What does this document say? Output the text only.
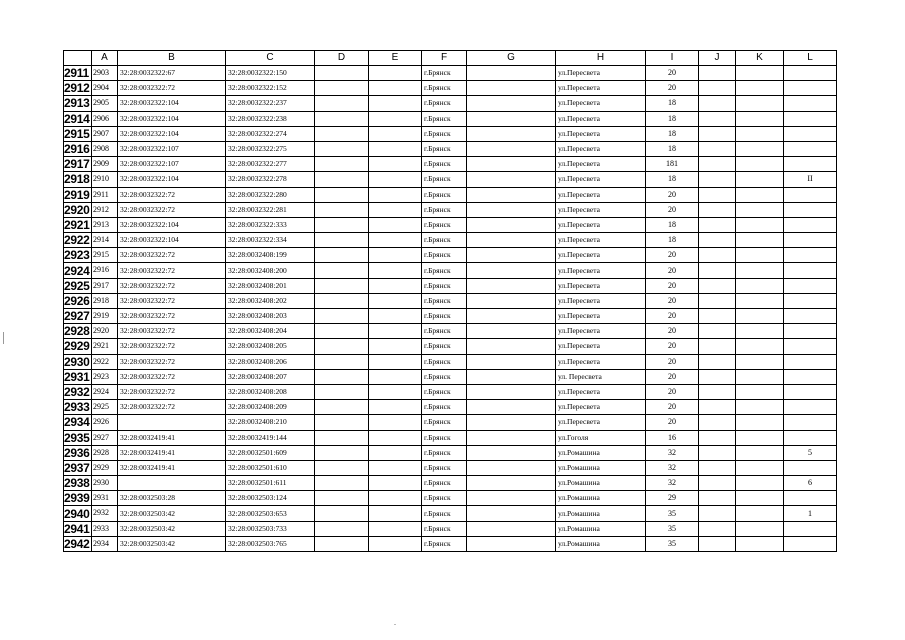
	A	B	C	D	E	F	G	H	I	J	K	L
2911	2903	32:28:0032322:67	32:28:0032322:150			г.Брянск		ул.Пересвета	20			
2912	2904	32:28:0032322:72	32:28:0032322:152			г.Брянск		ул.Пересвета	20			
2913	2905	32:28:0032322:104	32:28:0032322:237			г.Брянск		ул.Пересвета	18			
2914	2906	32:28:0032322:104	32:28:0032322:238			г.Брянск		ул.Пересвета	18			
2915	2907	32:28:0032322:104	32:28:0032322:274			г.Брянск		ул.Пересвета	18			
2916	2908	32:28:0032322:107	32:28:0032322:275			г.Брянск		ул.Пересвета	18			
2917	2909	32:28:0032322:107	32:28:0032322:277			г.Брянск		ул.Пересвета	181			
2918	2910	32:28:0032322:104	32:28:0032322:278			г.Брянск		ул.Пересвета	18			II
2919	2911	32:28:0032322:72	32:28:0032322:280			г.Брянск		ул.Пересвета	20			
2920	2912	32:28:0032322:72	32:28:0032322:281			г.Брянск		ул.Пересвета	20			
2921	2913	32:28:0032322:104	32:28:0032322:333			г.Брянск		ул.Пересвета	18			
2922	2914	32:28:0032322:104	32:28:0032322:334			г.Брянск		ул.Пересвета	18			
2923	2915	32:28:0032322:72	32:28:0032408:199			г.Брянск		ул.Пересвета	20			
2924	2916	32:28:0032322:72	32:28:0032408:200			г.Брянск		ул.Пересвета	20			
2925	2917	32:28:0032322:72	32:28:0032408:201			г.Брянск		ул.Пересвета	20			
2926	2918	32:28:0032322:72	32:28:0032408:202			г.Брянск		ул.Пересвета	20			
2927	2919	32:28:0032322:72	32:28:0032408:203			г.Брянск		ул.Пересвета	20			
2928	2920	32:28:0032322:72	32:28:0032408:204			г.Брянск		ул.Пересвета	20			
2929	2921	32:28:0032322:72	32:28:0032408:205			г.Брянск		ул.Пересвета	20			
2930	2922	32:28:0032322:72	32:28:0032408:206			г.Брянск		ул.Пересвета	20			
2931	2923	32:28:0032322:72	32:28:0032408:207			г.Брянск		ул. Пересвета	20			
2932	2924	32:28:0032322:72	32:28:0032408:208			г.Брянск		ул.Пересвета	20			
2933	2925	32:28:0032322:72	32:28:0032408:209			г.Брянск		ул.Пересвета	20			
2934	2926		32:28:0032408:210			г.Брянск		ул.Пересвета	20			
2935	2927	32:28:0032419:41	32:28:0032419:144			г.Брянск		ул.Гоголя	16			
2936	2928	32:28:0032419:41	32:28:0032501:609			г.Брянск		ул.Ромашина	32			5
2937	2929	32:28:0032419:41	32:28:0032501:610			г.Брянск		ул.Ромашина	32			
2938	2930		32:28:0032501:611			г.Брянск		ул.Ромашина	32			6
2939	2931	32:28:0032503:28	32:28:0032503:124			г.Брянск		ул.Ромашина	29			
2940	2932	32:28:0032503:42	32:28:0032503:653			г.Брянск		ул.Ромашина	35			1
2941	2933	32:28:0032503:42	32:28:0032503:733			г.Брянск		ул.Ромашина	35			
2942	2934	32:28:0032503:42	32:28:0032503:765			г.Брянск		ул.Ромашина	35			
